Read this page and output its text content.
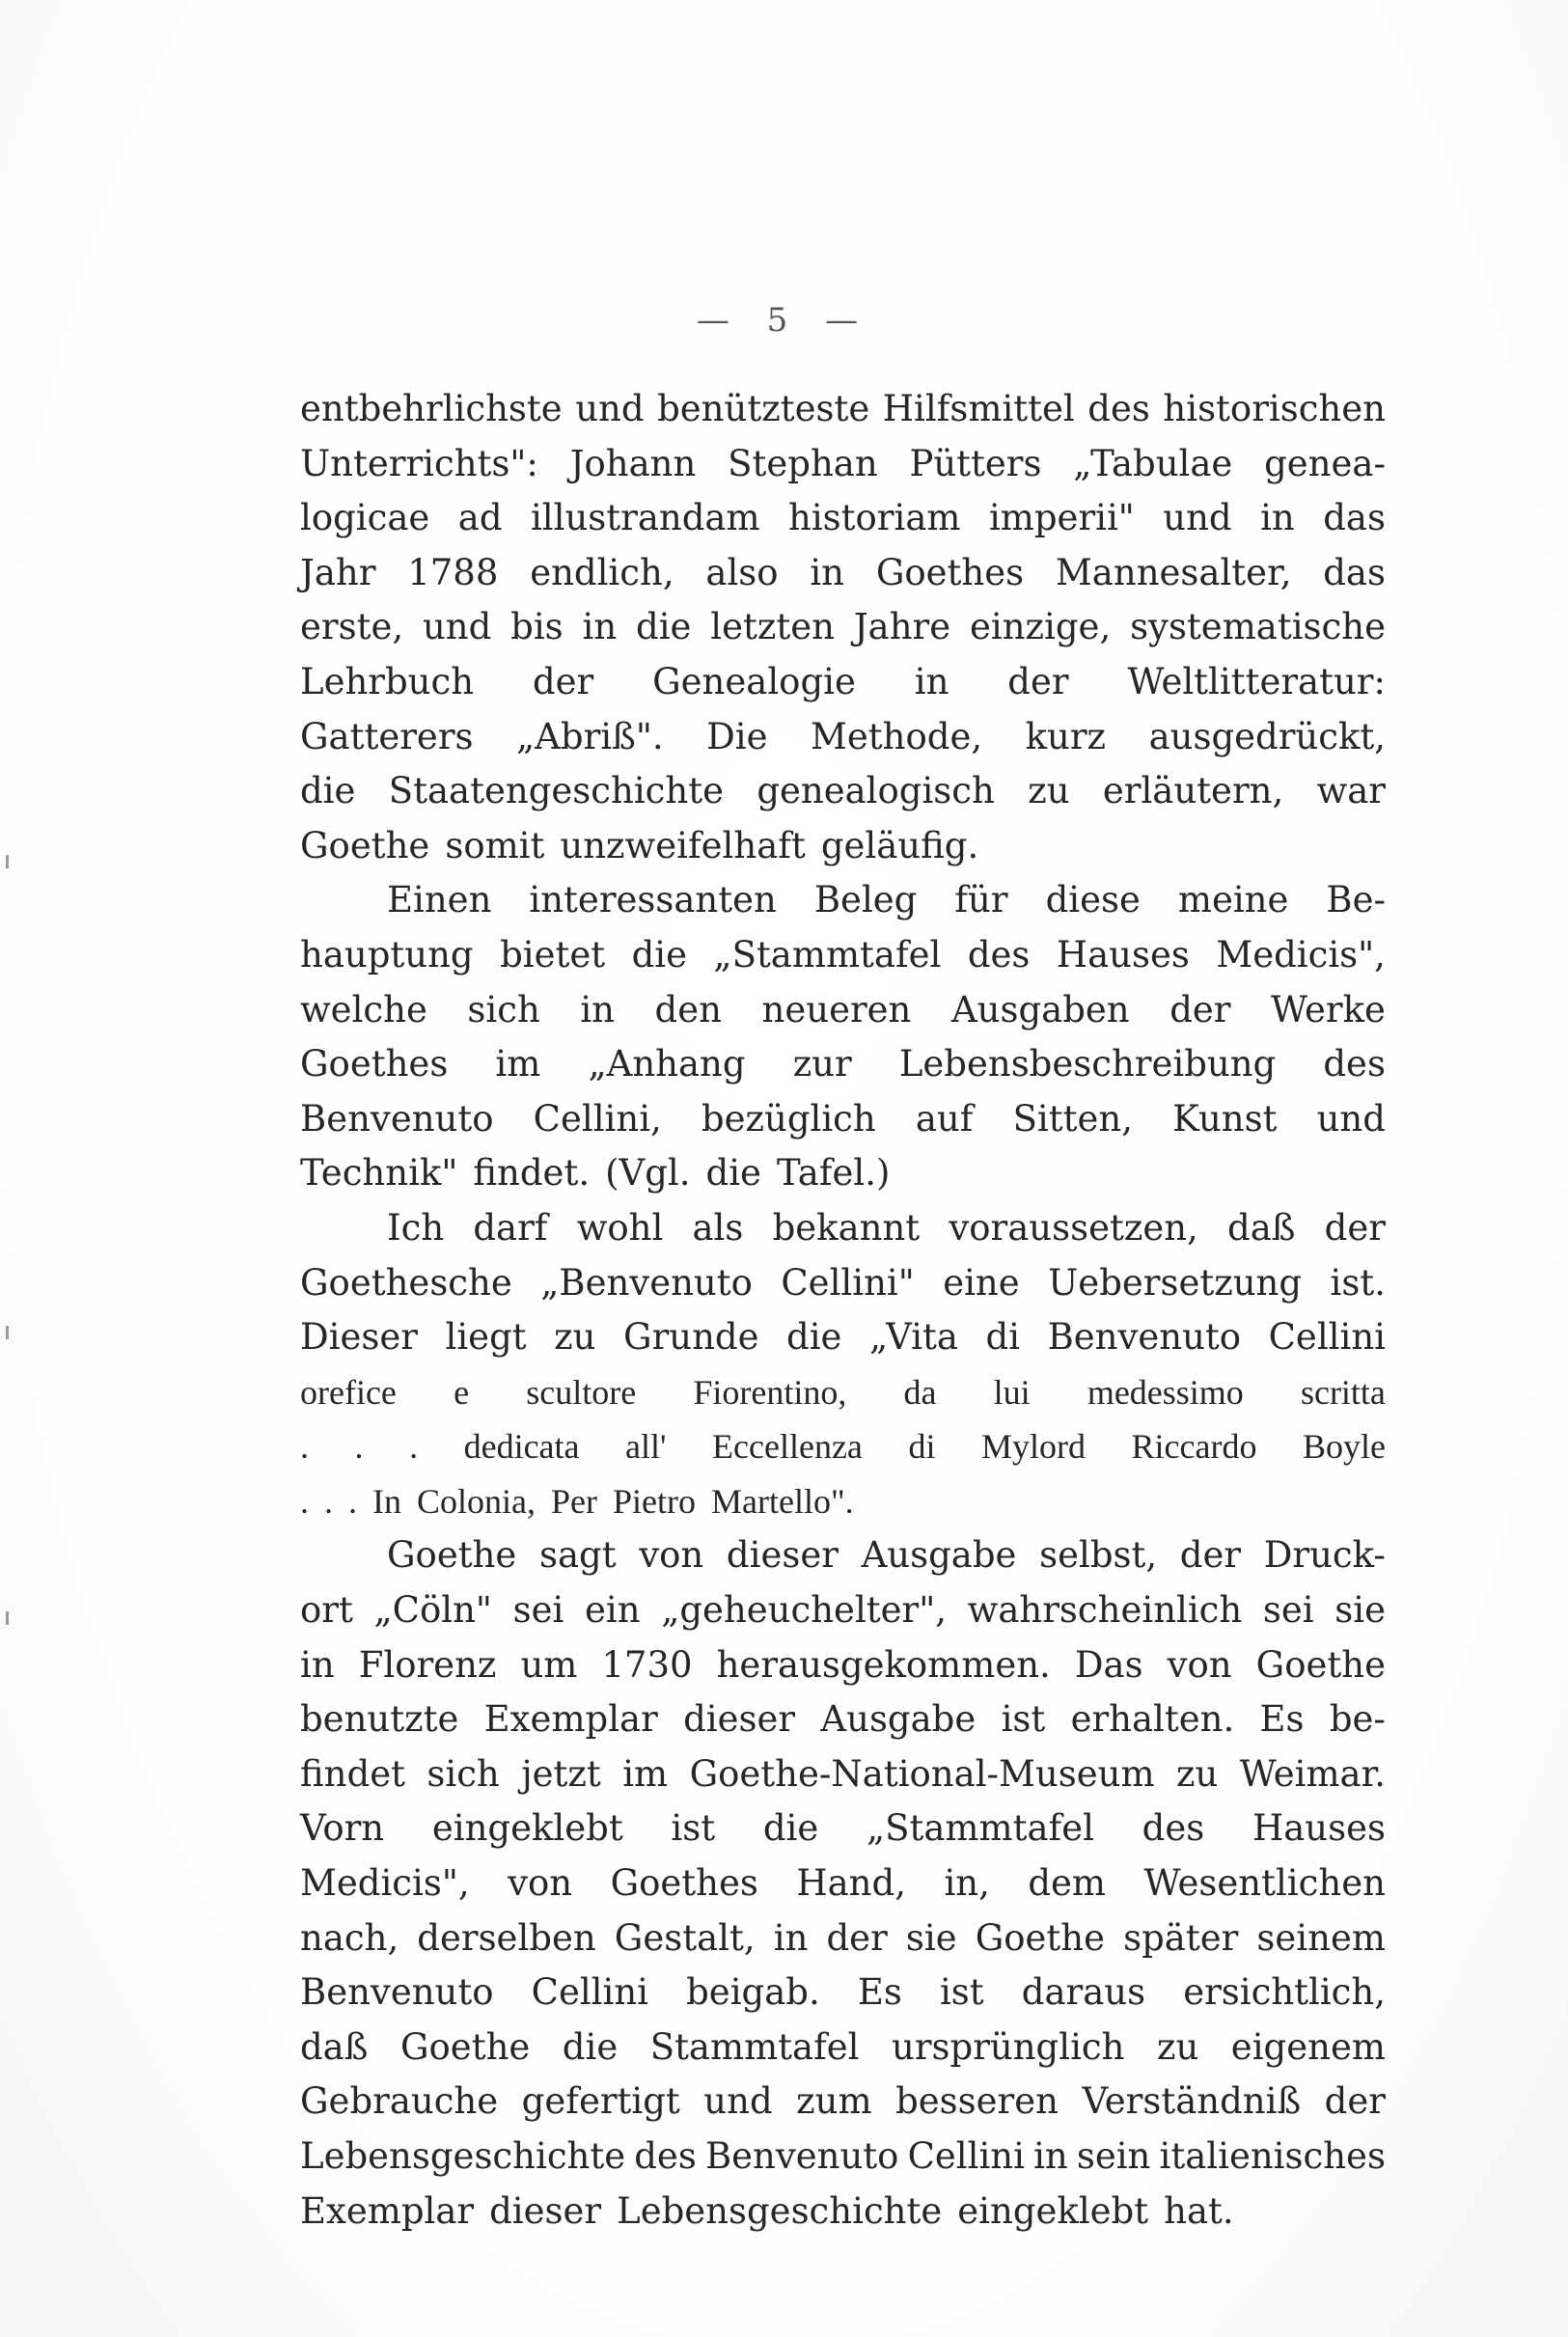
— 5 —
entbehrlichste und benützteste Hilfsmittel des historischen
Unterrichts": Johann Stephan Pütters „Tabulae genea-
logicae ad illustrandam historiam imperii" und in das
Jahr 1788 endlich, also in Goethes Mannesalter, das
erste, und bis in die letzten Jahre einzige, systematische
Lehrbuch der Genealogie in der Weltlitteratur:
Gatterers „Abriß". Die Methode, kurz ausgedrückt,
die Staatengeschichte genealogisch zu erläutern, war
Goethe somit unzweifelhaft geläufig.
Einen interessanten Beleg für diese meine Be-
hauptung bietet die „Stammtafel des Hauses Medicis",
welche sich in den neueren Ausgaben der Werke
Goethes im „Anhang zur Lebensbeschreibung des
Benvenuto Cellini, bezüglich auf Sitten, Kunst und
Technik" findet. (Vgl. die Tafel.)
Ich darf wohl als bekannt voraussetzen, daß der
Goethesche „Benvenuto Cellini" eine Uebersetzung ist.
Dieser liegt zu Grunde die „Vita di Benvenuto Cellini
orefice e scultore Fiorentino, da lui medessimo scritta
. . . dedicata all' Eccellenza di Mylord Riccardo Boyle
. . . In Colonia, Per Pietro Martello".
Goethe sagt von dieser Ausgabe selbst, der Druck-
ort „Cöln" sei ein „geheuchelter", wahrscheinlich sei sie
in Florenz um 1730 herausgekommen. Das von Goethe
benutzte Exemplar dieser Ausgabe ist erhalten. Es be-
findet sich jetzt im Goethe-National-Museum zu Weimar.
Vorn eingeklebt ist die „Stammtafel des Hauses
Medicis", von Goethes Hand, in, dem Wesentlichen
nach, derselben Gestalt, in der sie Goethe später seinem
Benvenuto Cellini beigab. Es ist daraus ersichtlich,
daß Goethe die Stammtafel ursprünglich zu eigenem
Gebrauche gefertigt und zum besseren Verständniß der
Lebensgeschichte des Benvenuto Cellini in sein italienisches
Exemplar dieser Lebensgeschichte eingeklebt hat.
